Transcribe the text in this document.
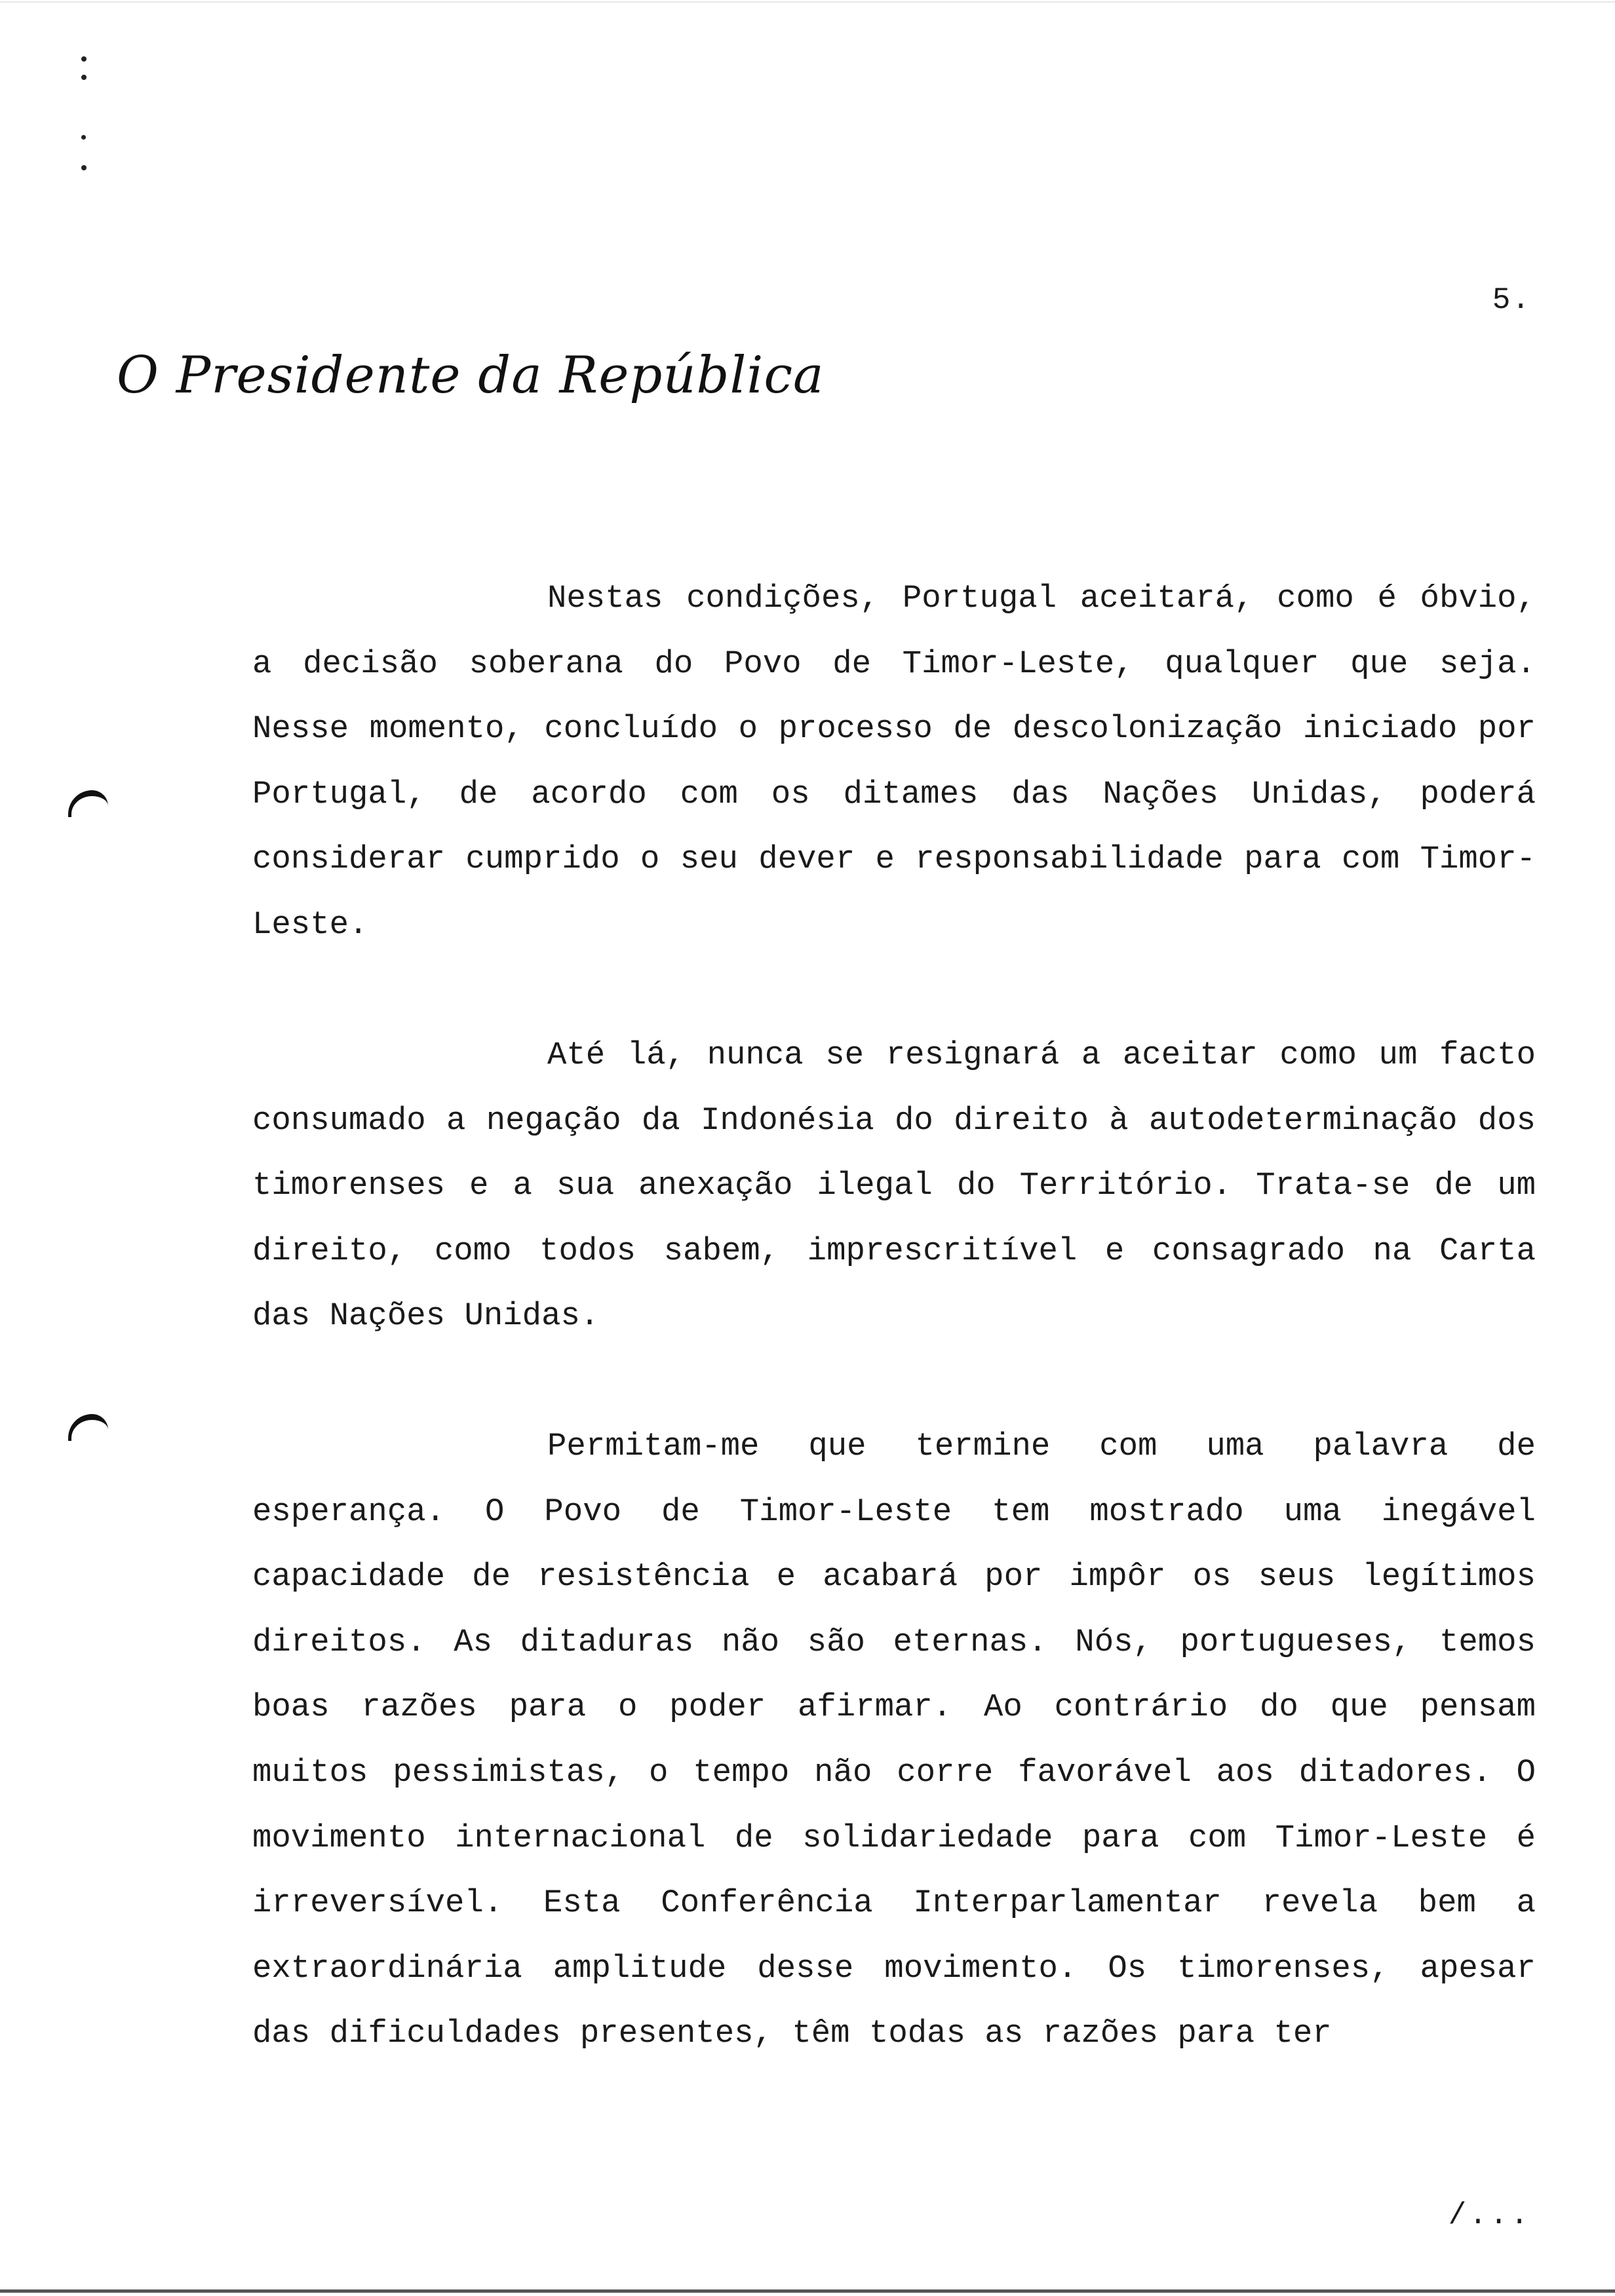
5.
O Presidente da República

Nestas condições, Portugal aceitará, como é óbvio, a decisão soberana do Povo de Timor-Leste, qualquer que seja. Nesse momento, concluído o processo de descolonização iniciado por Portugal, de acordo com os ditames das Nações Unidas, poderá considerar cumprido o seu dever e responsabilidade para com Timor-Leste.

Até lá, nunca se resignará a aceitar como um facto consumado a negação da Indonésia do direito à autodeterminação dos timorenses e a sua anexação ilegal do Território. Trata-se de um direito, como todos sabem, imprescritível e consagrado na Carta das Nações Unidas.

Permitam-me que termine com uma palavra de esperança. O Povo de Timor-Leste tem mostrado uma inegável capacidade de resistência e acabará por impôr os seus legítimos direitos. As ditaduras não são eternas. Nós, portugueses, temos boas razões para o poder afirmar. Ao contrário do que pensam muitos pessimistas, o tempo não corre favorável aos ditadores. O movimento internacional de solidariedade para com Timor-Leste é irreversível. Esta Conferência Interparlamentar revela bem a extraordinária amplitude desse movimento. Os timorenses, apesar das dificuldades presentes, têm todas as razões para ter

/...
